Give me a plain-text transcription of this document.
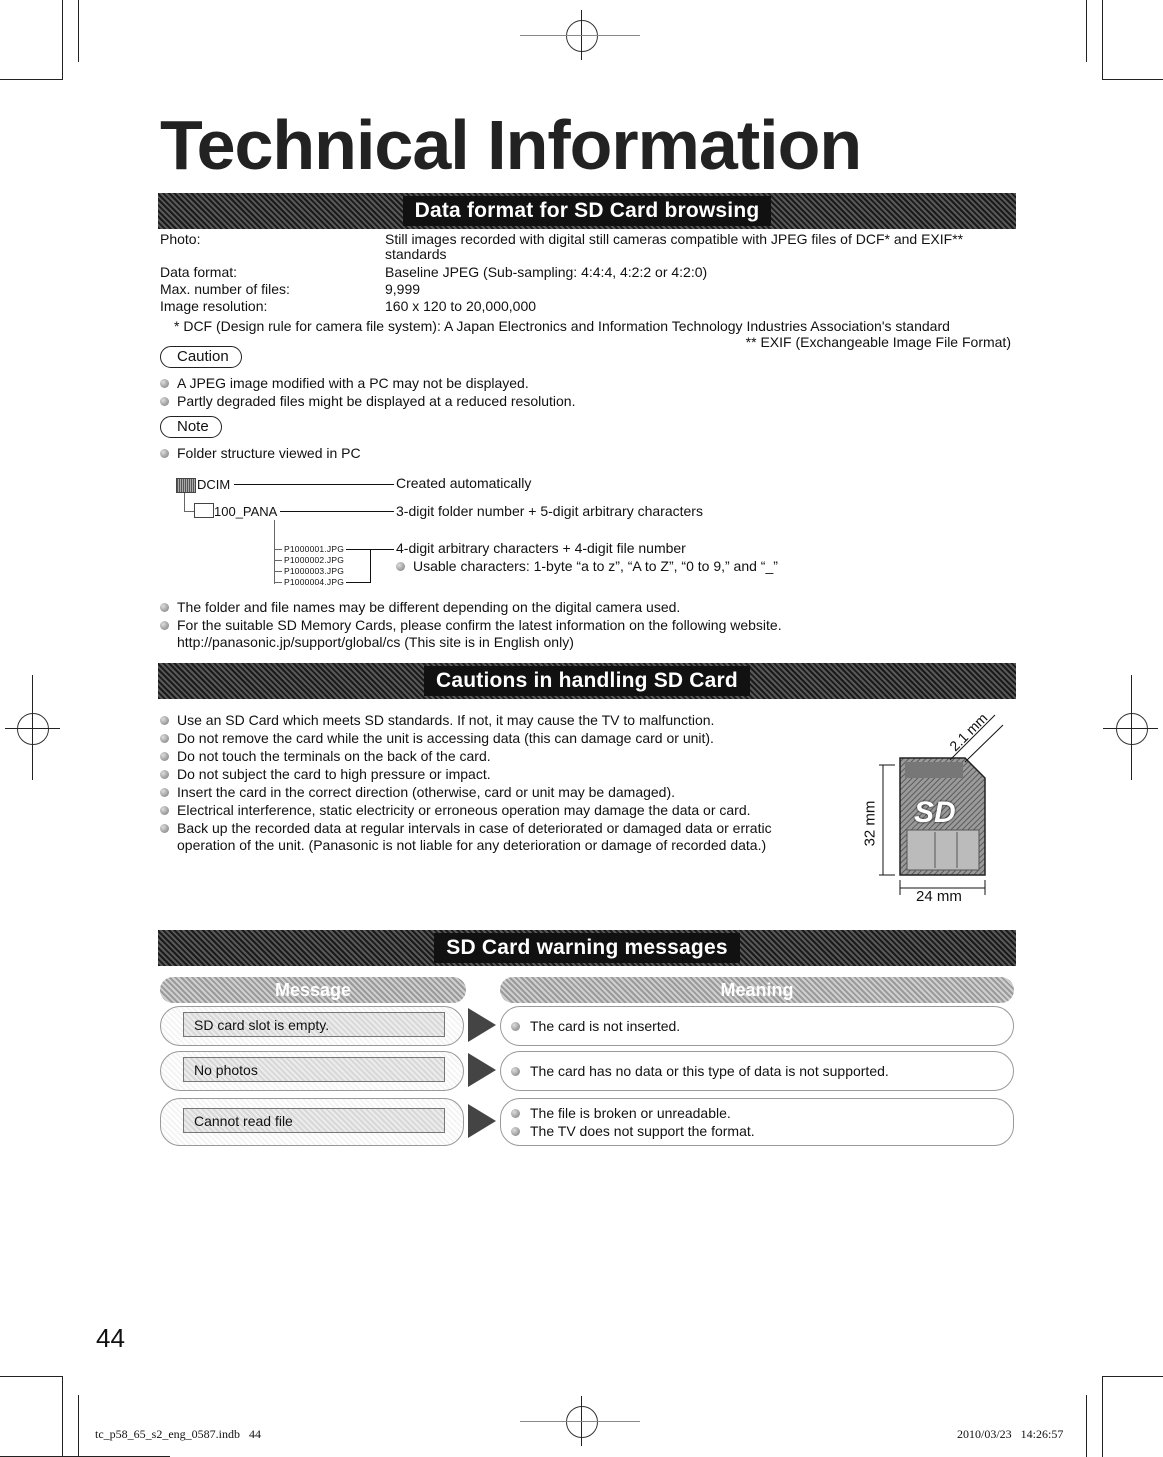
Technical Information
Data format for SD Card browsing
Photo:	Still images recorded with digital still cameras compatible with JPEG files of DCF* and EXIF**
standards
Data format:	Baseline JPEG (Sub-sampling: 4:4:4, 4:2:2 or 4:2:0)
Max. number of files:	9,999
Image resolution:	160 x 120 to 20,000,000
* DCF (Design rule for camera file system): A Japan Electronics and Information Technology Industries Association's standard
** EXIF (Exchangeable Image File Format)
Caution
A JPEG image modified with a PC may not be displayed.
Partly degraded files might be displayed at a reduced resolution.
Note
Folder structure viewed in PC
DCIM	Created automatically
100_PANA	3-digit folder number + 5-digit arbitrary characters
P1000001.JPG
P1000002.JPG
P1000003.JPG
P1000004.JPG
4-digit arbitrary characters + 4-digit file number
Usable characters: 1-byte “a to z”, “A to Z”, “0 to 9,” and “_”
The folder and file names may be different depending on the digital camera used.
For the suitable SD Memory Cards, please confirm the latest information on the following website.
http://panasonic.jp/support/global/cs (This site is in English only)
Cautions in handling SD Card
Use an SD Card which meets SD standards. If not, it may cause the TV to malfunction.
Do not remove the card while the unit is accessing data (this can damage card or unit).
Do not touch the terminals on the back of the card.
Do not subject the card to high pressure or impact.
Insert the card in the correct direction (otherwise, card or unit may be damaged).
Electrical interference, static electricity or erroneous operation may damage the data or card.
Back up the recorded data at regular intervals in case of deteriorated or damaged data or erratic
operation of the unit. (Panasonic is not liable for any deterioration or damage of recorded data.)
SD
2.1 mm
32 mm
24 mm
SD Card warning messages
Message	Meaning
SD card slot is empty.	The card is not inserted.
No photos	The card has no data or this type of data is not supported.
Cannot read file	The file is broken or unreadable.
The TV does not support the format.
44
tc_p58_65_s2_eng_0587.indb   44	2010/03/23   14:26:57
